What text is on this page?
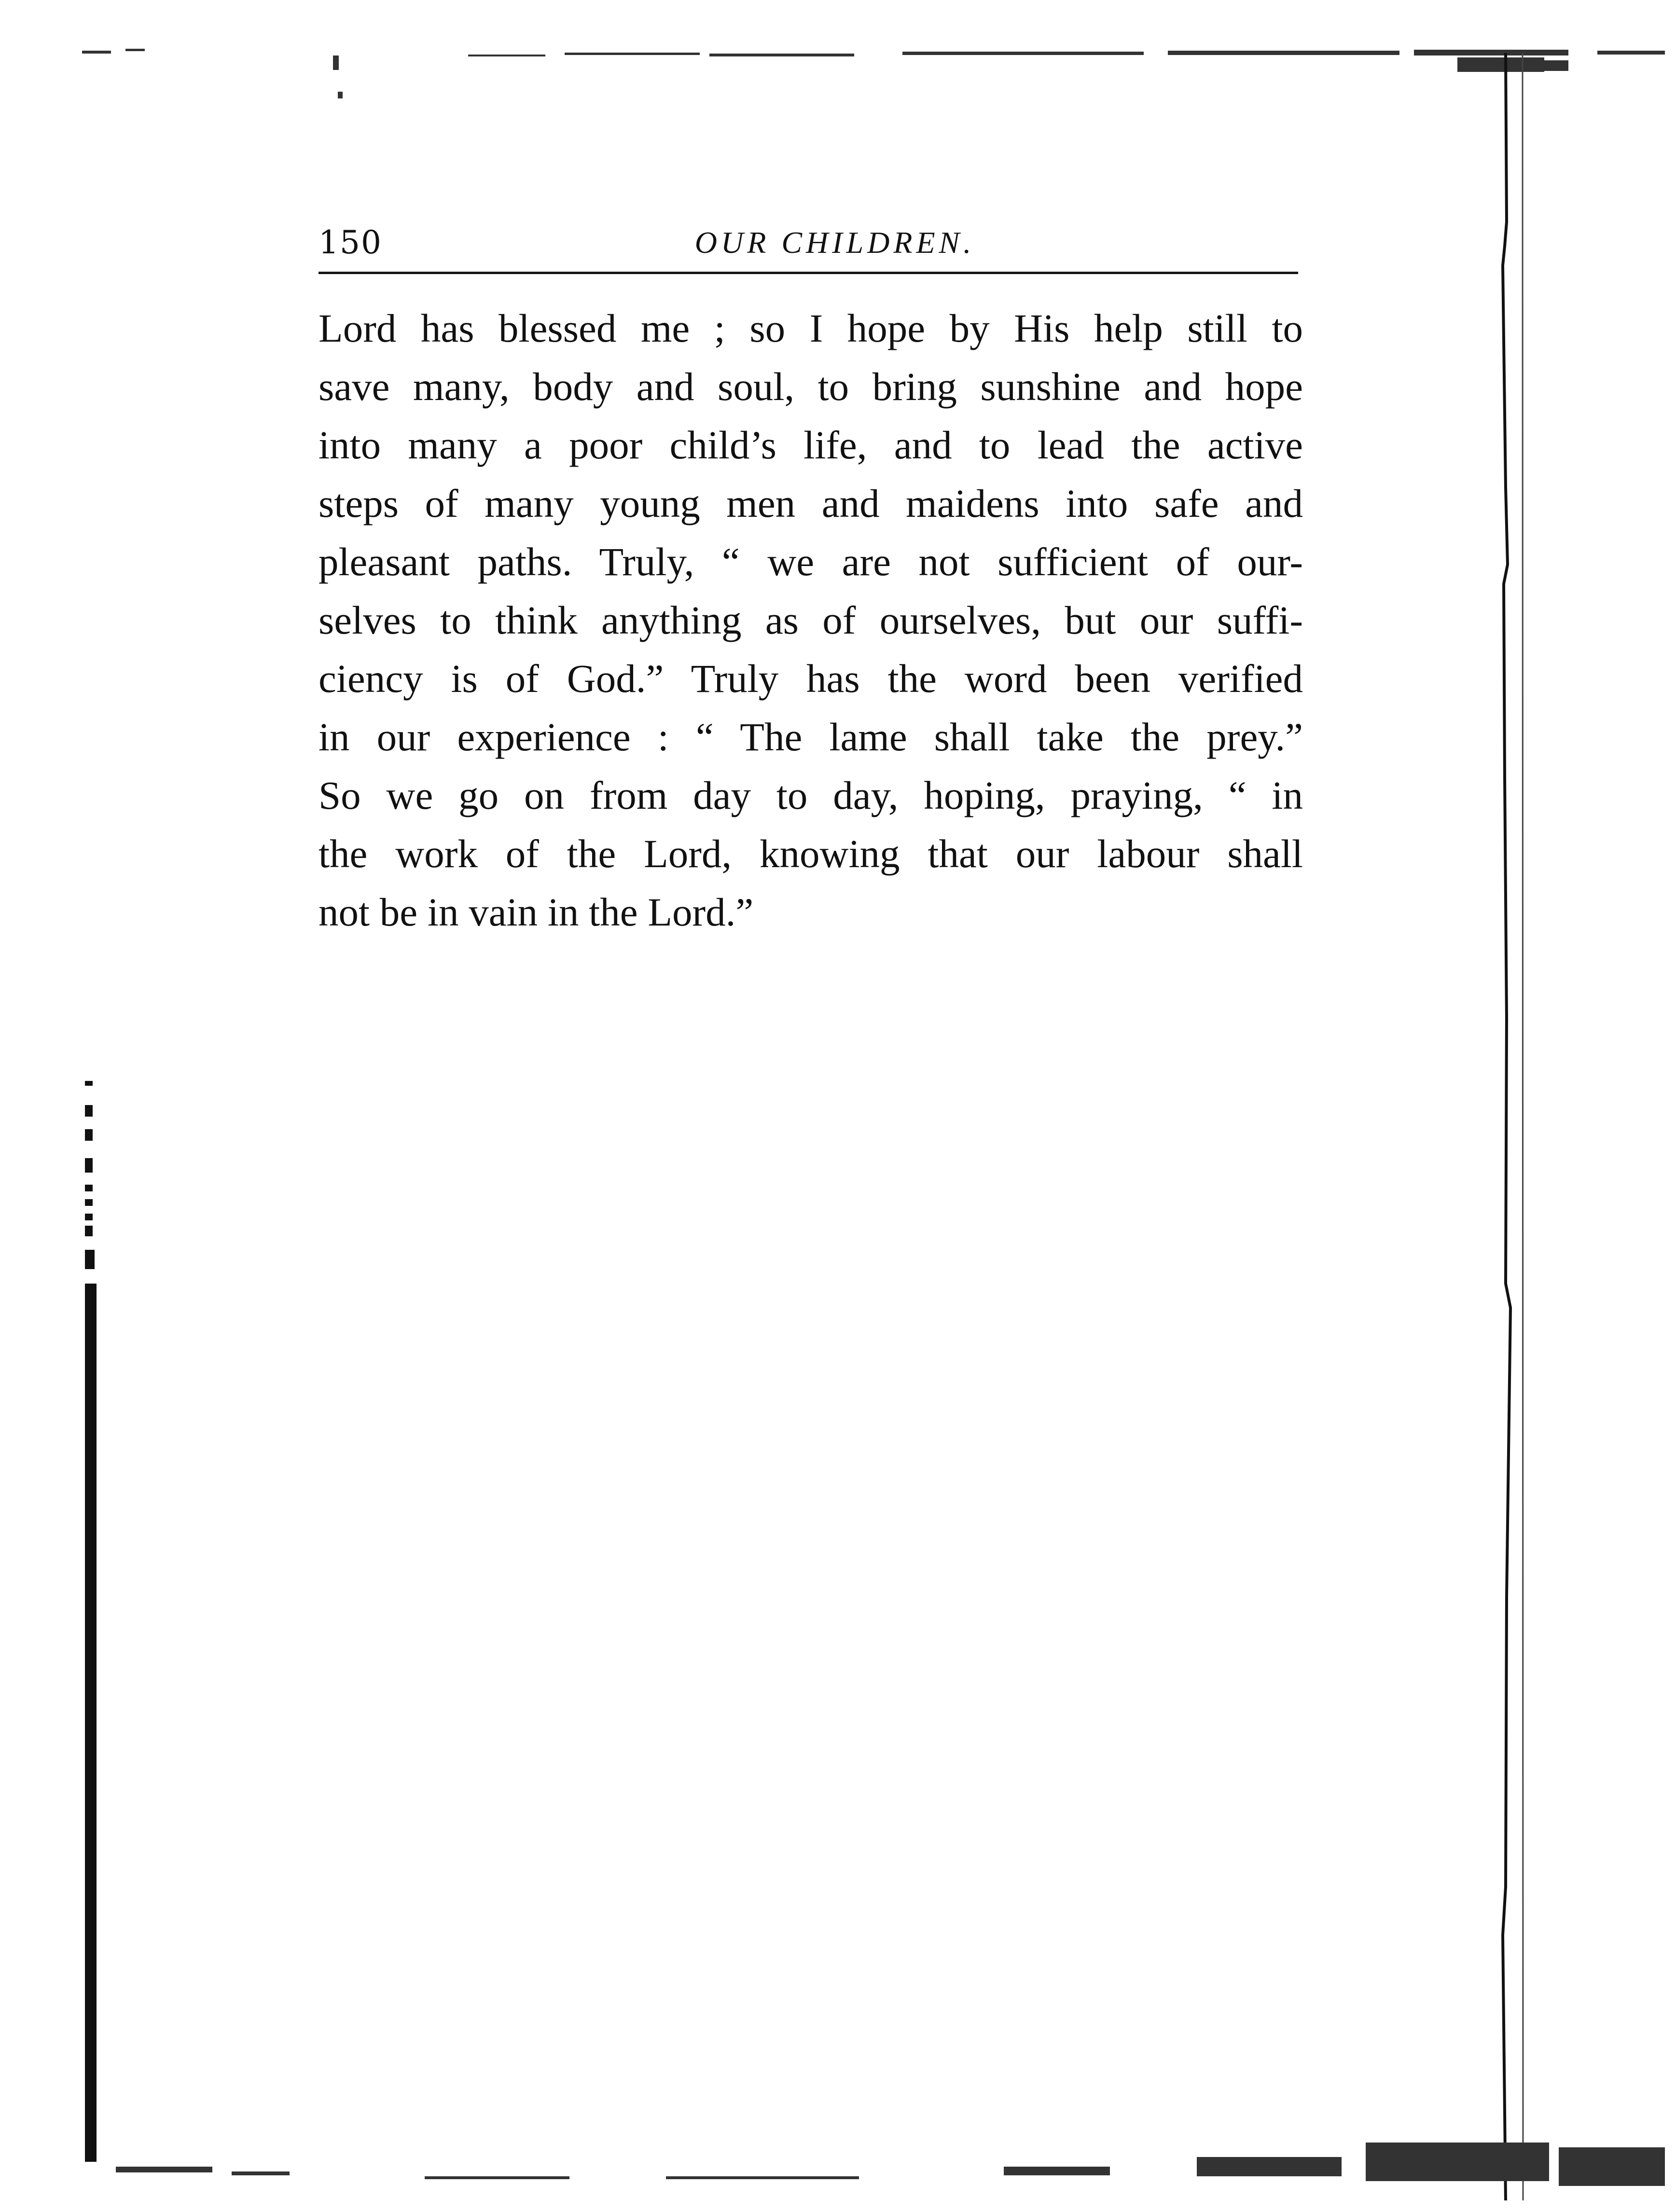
150	OUR CHILDREN.
Lord has blessed me ; so I hope by His help still to
save many, body and soul, to bring sunshine and hope
into many a poor child’s life, and to lead the active
steps of many young men and maidens into safe and
pleasant paths. Truly, “ we are not sufficient of our-
selves to think anything as of ourselves, but our suffi-
ciency is of God.” Truly has the word been verified
in our experience : “ The lame shall take the prey.”
So we go on from day to day, hoping, praying, “ in
the work of the Lord, knowing that our labour shall
not be in vain in the Lord.”
